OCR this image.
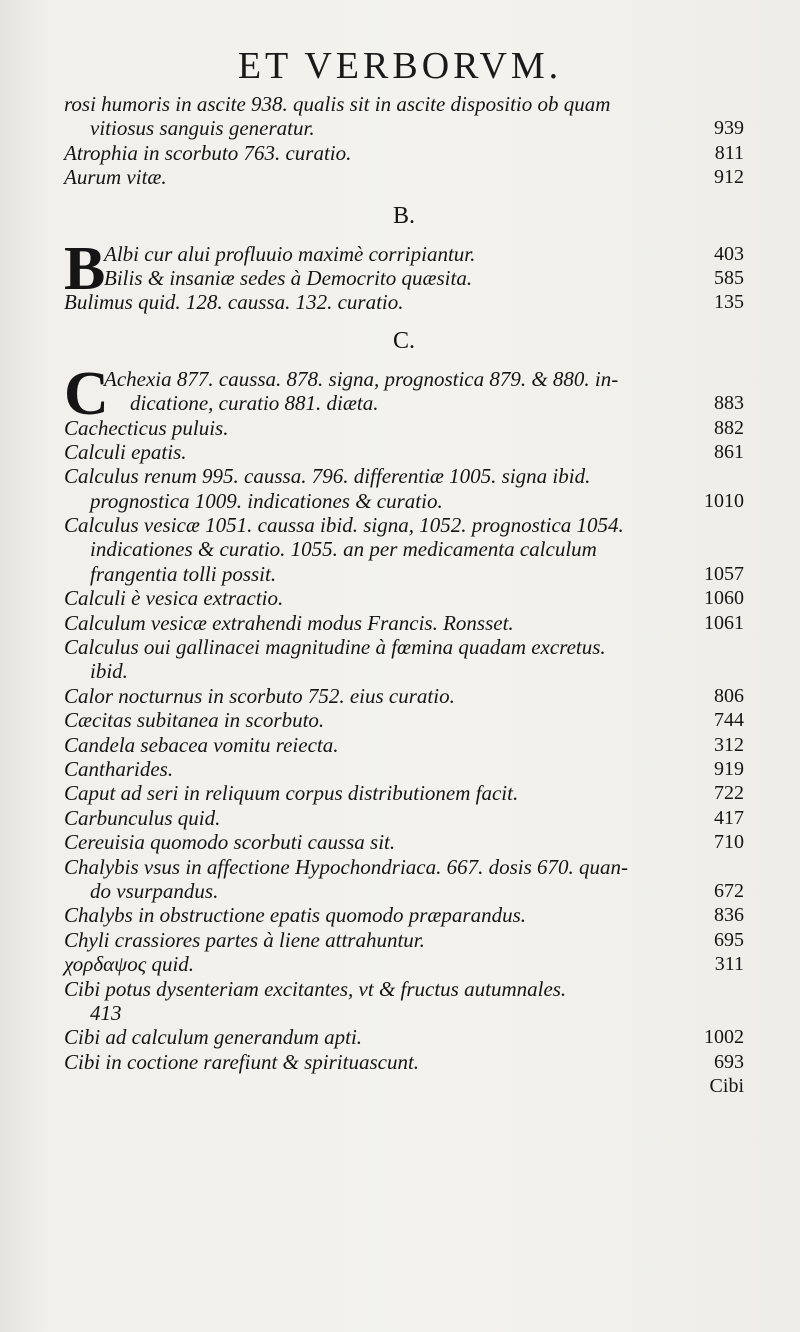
ET VERBORVM.
rosi humoris in ascite 938. qualis sit in ascite dispositio ob quam
vitiosus sanguis generatur.	939
Atrophia in scorbuto 763. curatio.	811
Aurum vitæ.	912
B.
B
Albi cur alui profluuio maximè corripiantur.	403
Bilis & insaniæ sedes à Democrito quæsita.	585
Bulimus quid. 128. caussa. 132. curatio.	135
C.
C
Achexia 877. caussa. 878. signa, prognostica 879. & 880. in-
dicatione, curatio 881. diæta.	883
Cachecticus puluis.	882
Calculi epatis.	861
Calculus renum 995. caussa. 796. differentiæ 1005. signa ibid.
prognostica 1009. indicationes & curatio.	1010
Calculus vesicæ 1051. caussa ibid. signa, 1052. prognostica 1054.
indicationes & curatio. 1055. an per medicamenta calculum
frangentia tolli possit.	1057
Calculi è vesica extractio.	1060
Calculum vesicæ extrahendi modus Francis. Ronsset.	1061
Calculus oui gallinacei magnitudine à fœmina quadam excretus.
ibid.
Calor nocturnus in scorbuto 752. eius curatio.	806
Cæcitas subitanea in scorbuto.	744
Candela sebacea vomitu reiecta.	312
Cantharides.	919
Caput ad seri in reliquum corpus distributionem facit.	722
Carbunculus quid.	417
Cereuisia quomodo scorbuti caussa sit.	710
Chalybis vsus in affectione Hypochondriaca. 667. dosis 670. quan-
do vsurpandus.	672
Chalybs in obstructione epatis quomodo præparandus.	836
Chyli crassiores partes à liene attrahuntur.	695
χορδαψος quid.	311
Cibi potus dysenteriam excitantes, vt & fructus autumnales.
413
Cibi ad calculum generandum apti.	1002
Cibi in coctione rarefiunt & spirituascunt.	693
Cibi
